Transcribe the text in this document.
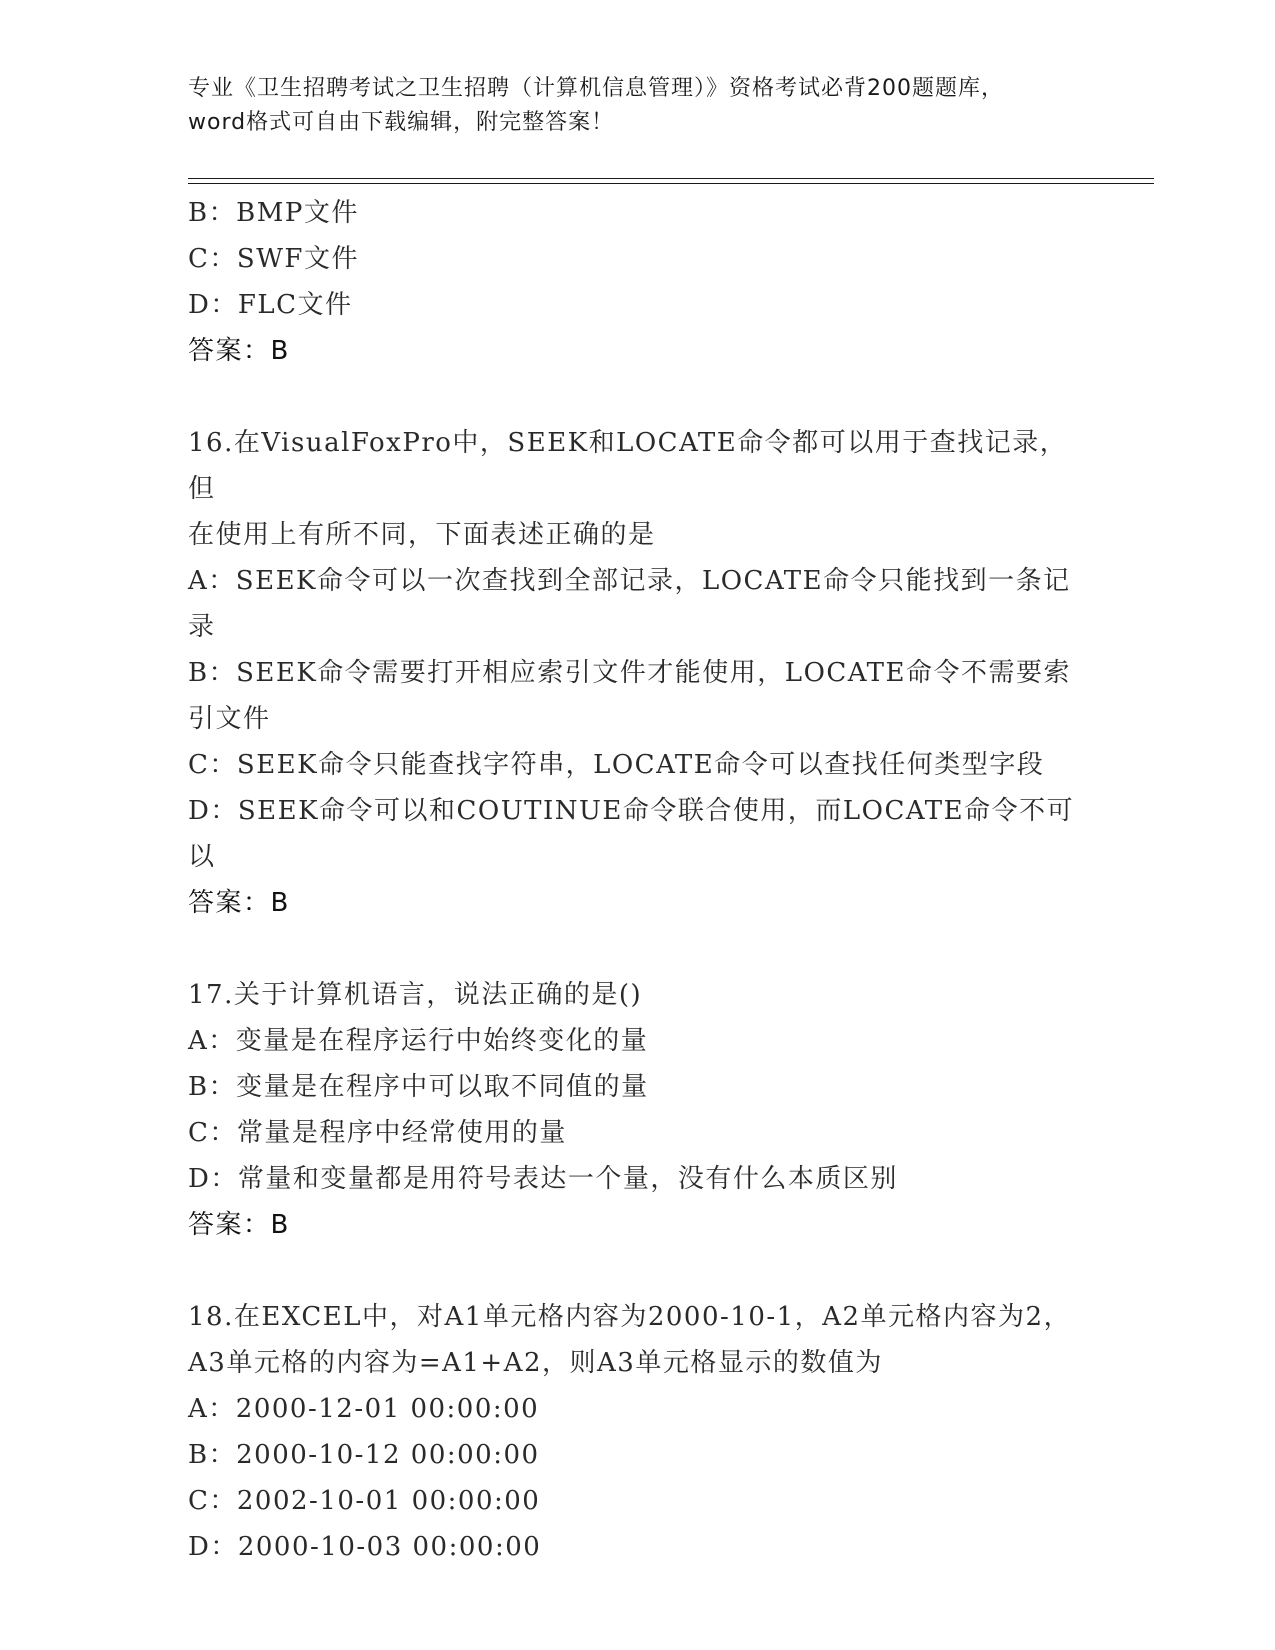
专业《卫生招聘考试之卫生招聘（计算机信息管理）》资格考试必背200题题库，
word格式可自由下载编辑，附完整答案！
B：BMP文件
C：SWF文件
D：FLC文件
答案：B
16.在VisualFoxPro中，SEEK和LOCATE命令都可以用于查找记录，但
在使用上有所不同，下面表述正确的是
A：SEEK命令可以一次查找到全部记录，LOCATE命令只能找到一条记
录
B：SEEK命令需要打开相应索引文件才能使用，LOCATE命令不需要索
引文件
C：SEEK命令只能查找字符串，LOCATE命令可以查找任何类型字段
D：SEEK命令可以和COUTINUE命令联合使用，而LOCATE命令不可以
答案：B
17.关于计算机语言，说法正确的是()
A：变量是在程序运行中始终变化的量
B：变量是在程序中可以取不同值的量
C：常量是程序中经常使用的量
D：常量和变量都是用符号表达一个量，没有什么本质区别
答案：B
18.在EXCEL中，对A1单元格内容为2000-10-1，A2单元格内容为2，
A3单元格的内容为=A1+A2，则A3单元格显示的数值为
A：2000-12-01 00:00:00
B：2000-10-12 00:00:00
C：2002-10-01 00:00:00
D：2000-10-03 00:00:00
